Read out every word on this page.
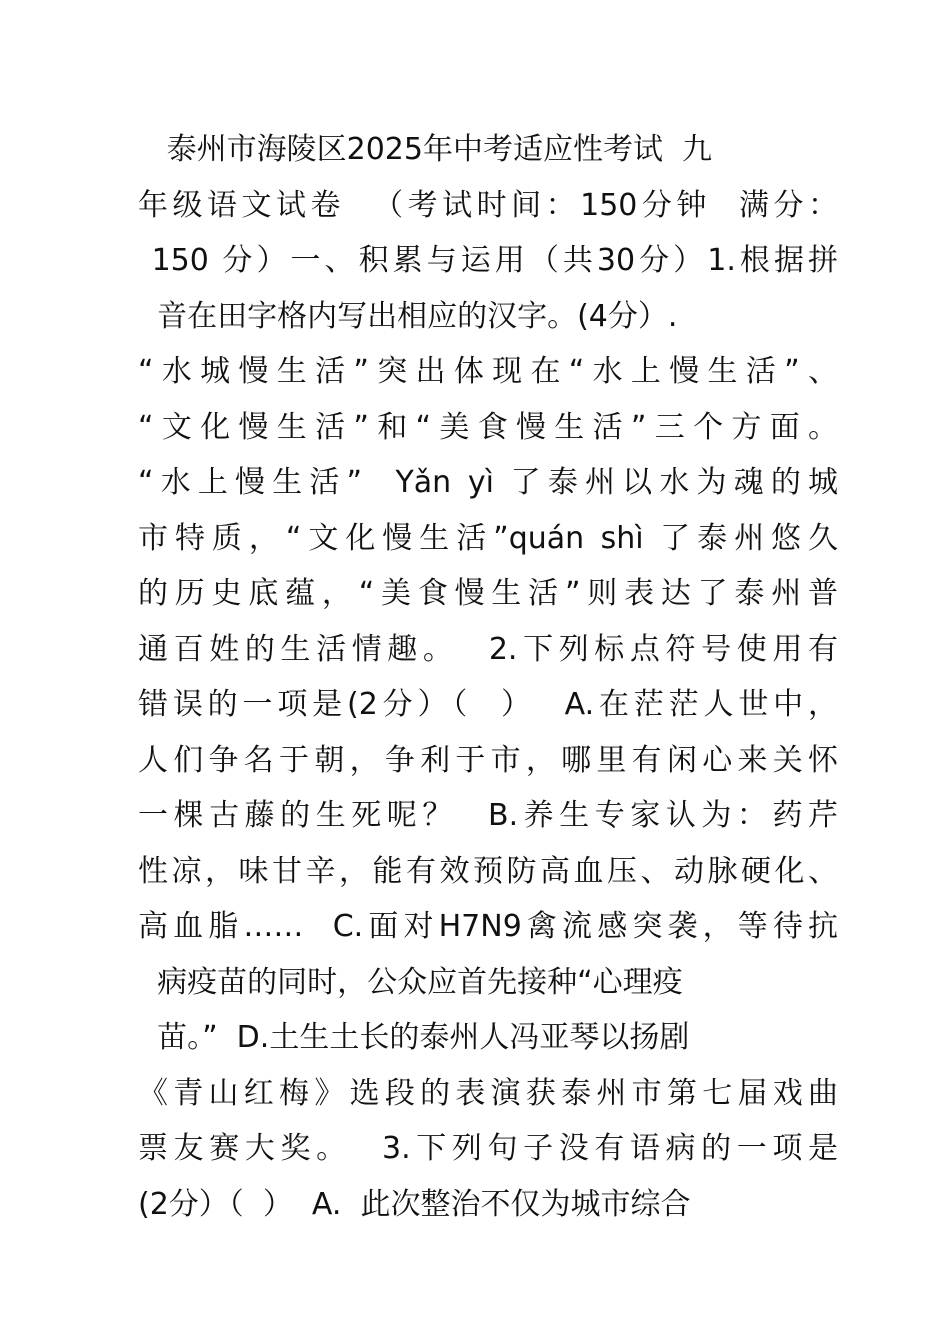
泰州市海陵区2025年中考适应性考试  九
年级语文试卷  （考试时间：150分钟  满分：
150 分）一、积累与运用（共30分）1.根据拼
音在田字格内写出相应的汉字。(4分）.
“水城慢生活”突出体现在“水上慢生活”、
“文化慢生活”和“美食慢生活”三个方面。
“水上慢生活”  Yǎn yì 了泰州以水为魂的城
市特质，“文化慢生活”quán shì 了泰州悠久
的历史底蕴，“美食慢生活”则表达了泰州普
通百姓的生活情趣。  2.下列标点符号使用有
错误的一项是(2分）（  ）  A.在茫茫人世中，
人们争名于朝，争利于市，哪里有闲心来关怀
一棵古藤的生死呢？  B.养生专家认为：药芹
性凉，味甘辛，能有效预防高血压、动脉硬化、
高血脂……  C.面对H7N9禽流感突袭，等待抗
病疫苗的同时，公众应首先接种“心理疫
苗。”  D.土生土长的泰州人冯亚琴以扬剧
《青山红梅》选段的表演获泰州市第七届戏曲
票友赛大奖。  3.下列句子没有语病的一项是
(2分）（  ）  A.  此次整治不仅为城市综合
